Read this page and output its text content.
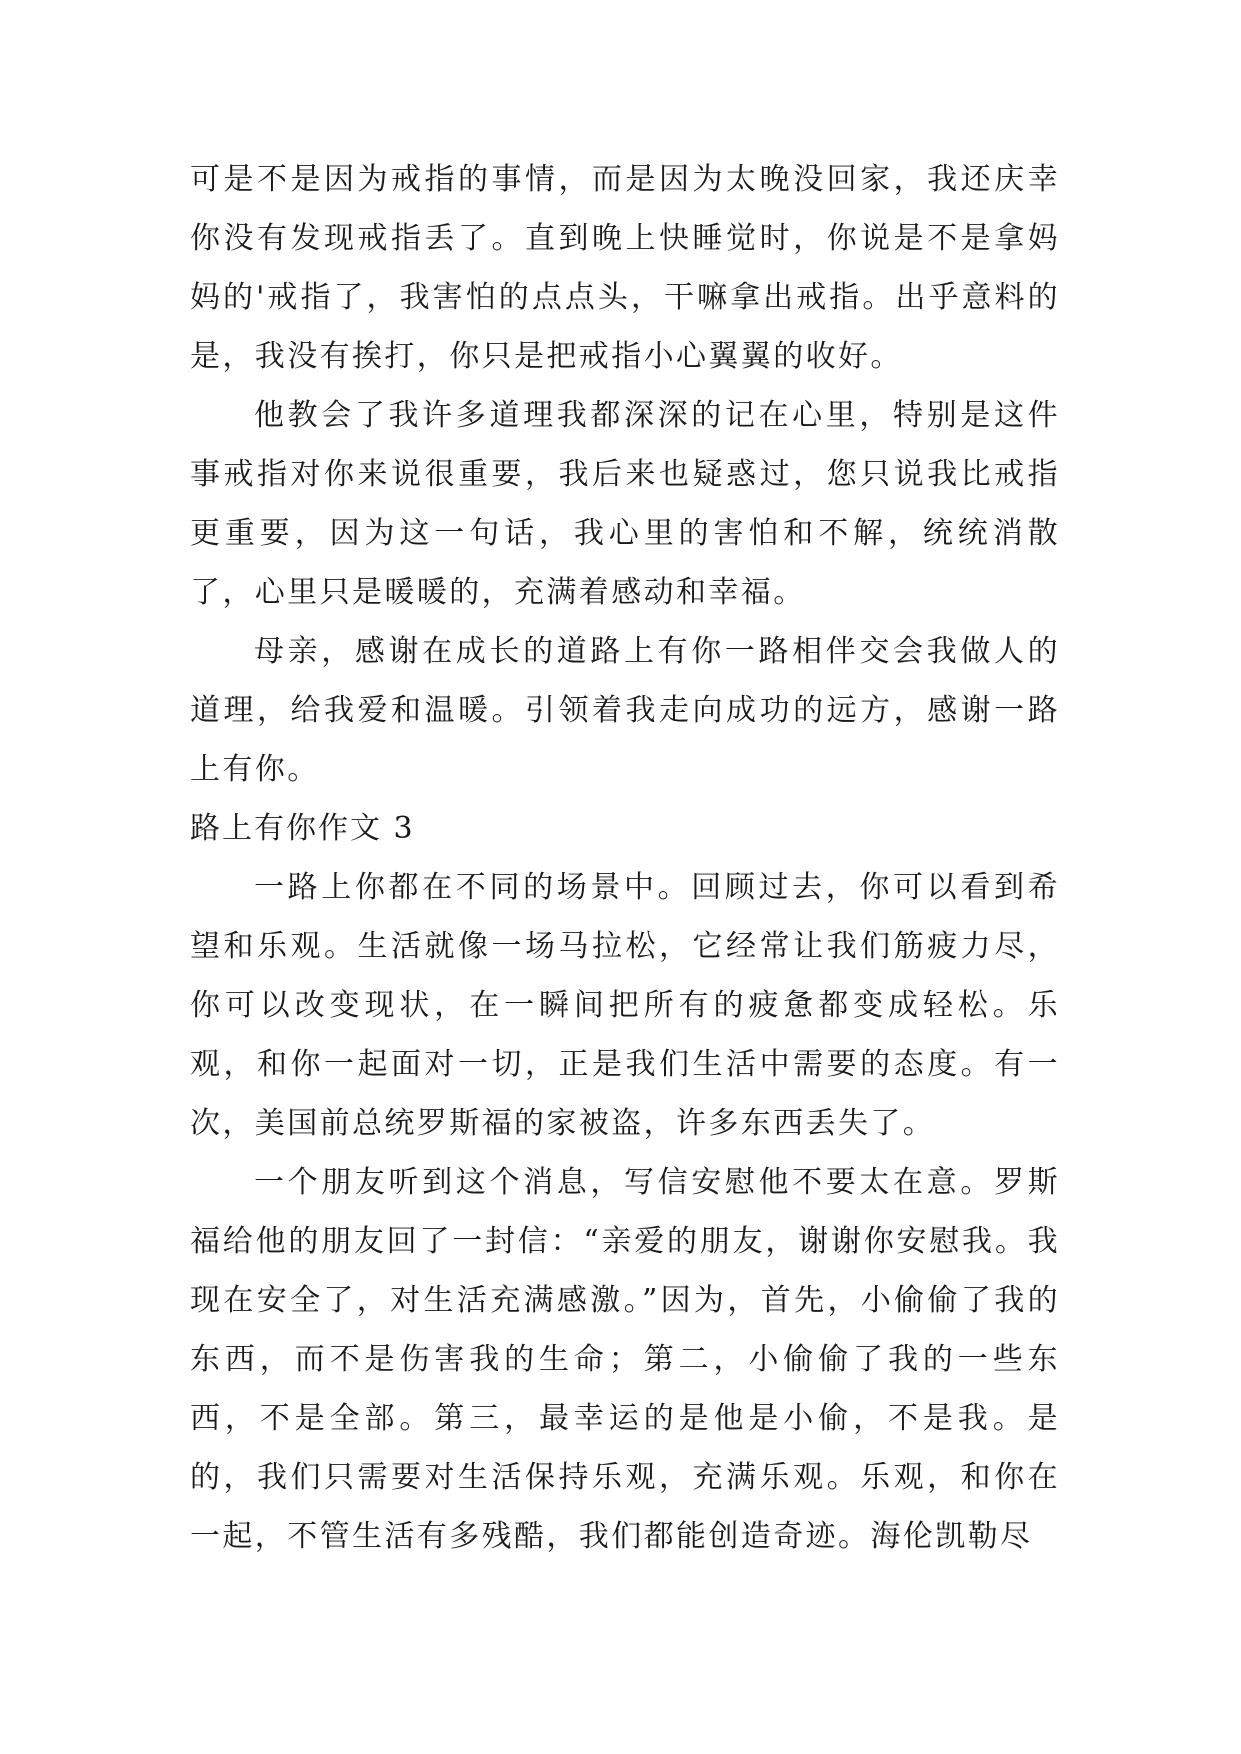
可是不是因为戒指的事情，而是因为太晚没回家，我还庆幸你没有发现戒指丢了。直到晚上快睡觉时，你说是不是拿妈妈的'戒指了，我害怕的点点头，干嘛拿出戒指。出乎意料的是，我没有挨打，你只是把戒指小心翼翼的收好。

他教会了我许多道理我都深深的记在心里，特别是这件事戒指对你来说很重要，我后来也疑惑过，您只说我比戒指更重要，因为这一句话，我心里的害怕和不解，统统消散了，心里只是暖暖的，充满着感动和幸福。

母亲，感谢在成长的道路上有你一路相伴交会我做人的道理，给我爱和温暖。引领着我走向成功的远方，感谢一路上有你。

路上有你作文 3

一路上你都在不同的场景中。回顾过去，你可以看到希望和乐观。生活就像一场马拉松，它经常让我们筋疲力尽，你可以改变现状，在一瞬间把所有的疲惫都变成轻松。乐观，和你一起面对一切，正是我们生活中需要的态度。有一次，美国前总统罗斯福的家被盗，许多东西丢失了。

一个朋友听到这个消息，写信安慰他不要太在意。罗斯福给他的朋友回了一封信：“亲爱的朋友，谢谢你安慰我。我现在安全了，对生活充满感激。”因为，首先，小偷偷了我的东西，而不是伤害我的生命；第二，小偷偷了我的一些东西，不是全部。第三，最幸运的是他是小偷，不是我。是的，我们只需要对生活保持乐观，充满乐观。乐观，和你在一起，不管生活有多残酷，我们都能创造奇迹。海伦凯勒尽
